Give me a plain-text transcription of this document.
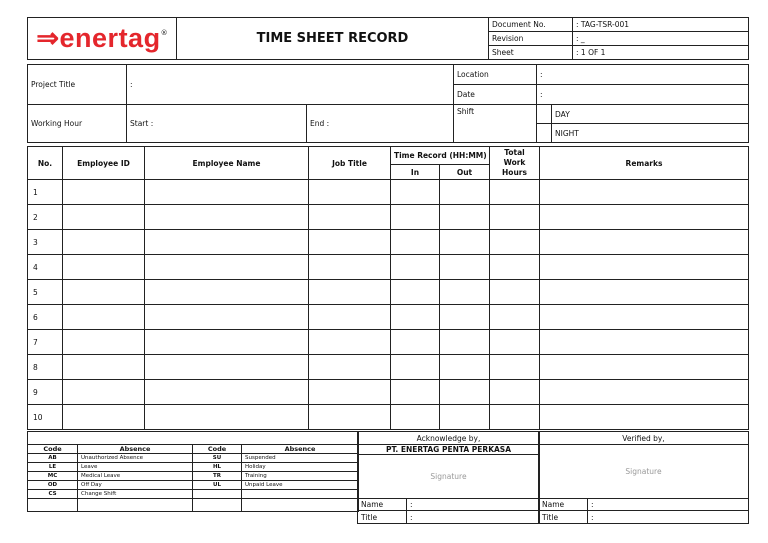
⇒enertag®	TIME SHEET RECORD	Document No.	: TAG-TSR-001
		Revision	: _
		Sheet	: 1 OF 1
Project Title	:	Location	:
		Date	:
Working Hour	Start :	End :	Shift		DAY
					NIGHT
No.	Employee ID	Employee Name	Job Title	Time Record (HH:MM)		Total Work Hours	Remarks
				In	Out		
1							
2							
3							
4							
5							
6							
7							
8							
9							
10							

Code	Absence	Code	Absence
AB	Unauthorized Absence	SU	Suspended
LE	Leave	HL	Holiday
MC	Medical Leave	TR	Training
OD	Off Day	UL	Unpaid Leave
CS	Change Shift		

Acknowledge by,	
PT. ENERTAG PENTA PERKASA	
Signature	
Name	:
Title	:
Verified by,	
Signature	
Name	:
Title	:
